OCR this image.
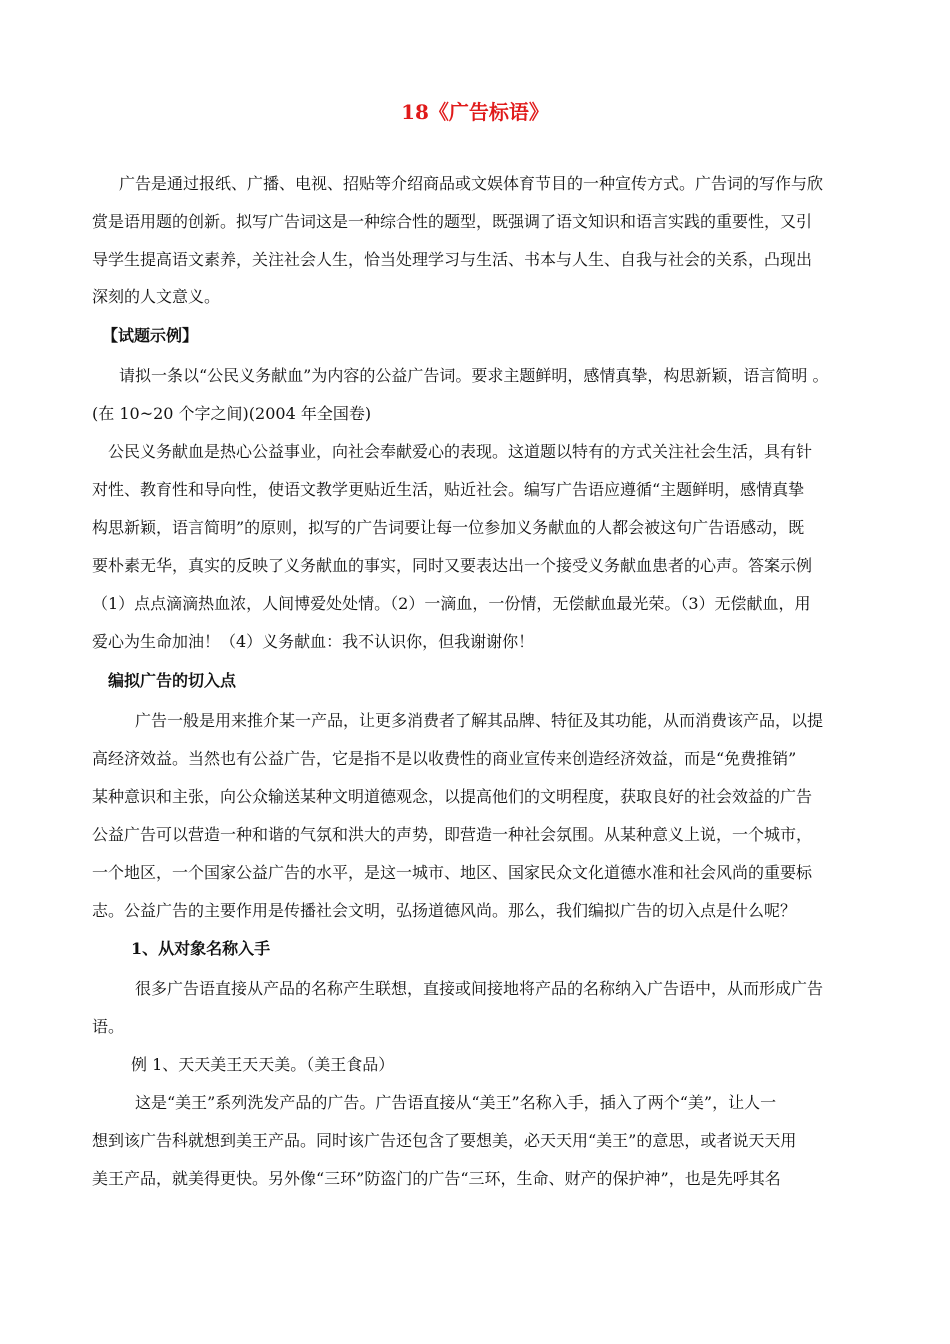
18《广告标语》
广告是通过报纸、广播、电视、招贴等介绍商品或文娱体育节目的一种宣传方式。广告词的写作与欣
赏是语用题的创新。拟写广告词这是一种综合性的题型，既强调了语文知识和语言实践的重要性，又引
导学生提高语文素养，关注社会人生，恰当处理学习与生活、书本与人生、自我与社会的关系，凸现出
深刻的人文意义。
【试题示例】
请拟一条以“公民义务献血”为内容的公益广告词。要求主题鲜明，感情真挚，构思新颖，语言简明 。
(在 10~20 个字之间)(2004 年全国卷)
公民义务献血是热心公益事业，向社会奉献爱心的表现。这道题以特有的方式关注社会生活，具有针
对性、教育性和导向性，使语文教学更贴近生活，贴近社会。编写广告语应遵循“主题鲜明，感情真挚
构思新颖，语言简明”的原则，拟写的广告词要让每一位参加义务献血的人都会被这句广告语感动，既
要朴素无华，真实的反映了义务献血的事实，同时又要表达出一个接受义务献血患者的心声。答案示例
（1）点点滴滴热血浓，人间博爱处处情。（2）一滴血，一份情，无偿献血最光荣。（3）无偿献血，用
爱心为生命加油！（4）义务献血：我不认识你，但我谢谢你！
编拟广告的切入点
广告一般是用来推介某一产品，让更多消费者了解其品牌、特征及其功能，从而消费该产品，以提
高经济效益。当然也有公益广告，它是指不是以收费性的商业宣传来创造经济效益，而是“免费推销”
某种意识和主张，向公众输送某种文明道德观念，以提高他们的文明程度，获取良好的社会效益的广告
公益广告可以营造一种和谐的气氛和洪大的声势，即营造一种社会氛围。从某种意义上说，一个城市，
一个地区，一个国家公益广告的水平，是这一城市、地区、国家民众文化道德水准和社会风尚的重要标
志。公益广告的主要作用是传播社会文明，弘扬道德风尚。那么，我们编拟广告的切入点是什么呢？
1、从对象名称入手
很多广告语直接从产品的名称产生联想，直接或间接地将产品的名称纳入广告语中，从而形成广告
语。
例 1、天天美王天天美。（美王食品）
这是“美王”系列洗发产品的广告。广告语直接从“美王”名称入手，插入了两个“美”，让人一
想到该广告科就想到美王产品。同时该广告还包含了要想美，必天天用“美王”的意思，或者说天天用
美王产品，就美得更快。另外像“三环”防盗门的广告“三环，生命、财产的保护神”，也是先呼其名
